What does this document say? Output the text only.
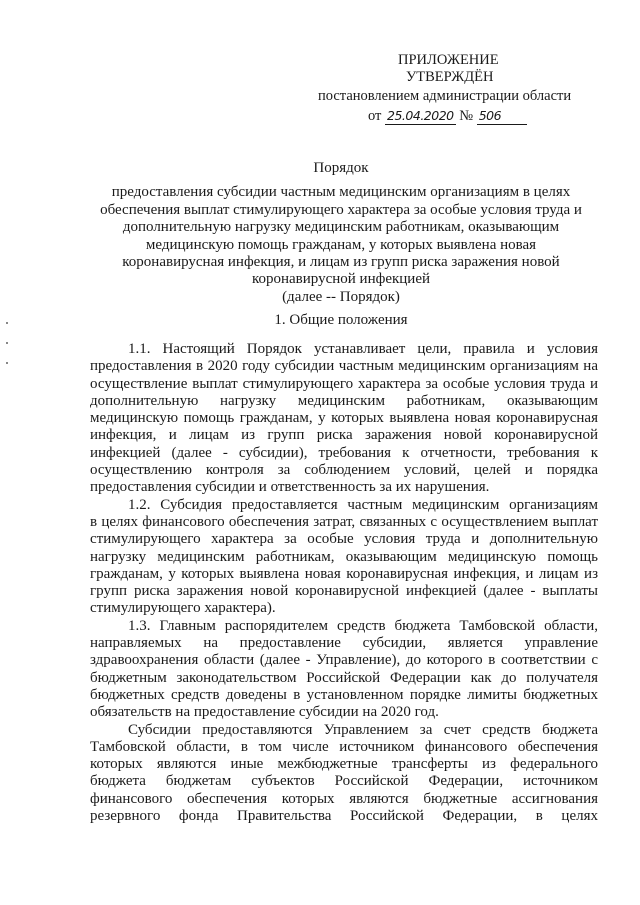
ПРИЛОЖЕНИЕ
УТВЕРЖДЁН
постановлением администрации области
от 25.04.2020 № 506
Порядок
предоставления субсидии частным медицинским организациям в целях
обеспечения выплат стимулирующего характера за особые условия труда и
дополнительную нагрузку медицинским работникам, оказывающим
медицинскую помощь гражданам, у которых выявлена новая
коронавирусная инфекция, и лицам из групп риска заражения новой
коронавирусной инфекцией
(далее -- Порядок)
1. Общие положения
1.1. Настоящий Порядок устанавливает цели, правила и условия
предоставления в 2020 году субсидии частным медицинским организациям на
осуществление выплат стимулирующего характера за особые условия труда и
дополнительную нагрузку медицинским работникам, оказывающим
медицинскую помощь гражданам, у которых выявлена новая коронавирусная
инфекция, и лицам из групп риска заражения новой коронавирусной
инфекцией (далее - субсидии), требования к отчетности, требования к
осуществлению контроля за соблюдением условий, целей и порядка
предоставления субсидии и ответственность за их нарушения.
1.2. Субсидия предоставляется частным медицинским организациям
в целях финансового обеспечения затрат, связанных с осуществлением выплат
стимулирующего характера за особые условия труда и дополнительную
нагрузку медицинским работникам, оказывающим медицинскую помощь
гражданам, у которых выявлена новая коронавирусная инфекция, и лицам из
групп риска заражения новой коронавирусной инфекцией (далее - выплаты
стимулирующего характера).
1.3. Главным распорядителем средств бюджета Тамбовской области,
направляемых на предоставление субсидии, является управление
здравоохранения области (далее - Управление), до которого в соответствии с
бюджетным законодательством Российской Федерации как до получателя
бюджетных средств доведены в установленном порядке лимиты бюджетных
обязательств на предоставление субсидии на 2020 год.
Субсидии предоставляются Управлением за счет средств бюджета
Тамбовской области, в том числе источником финансового обеспечения
которых являются иные межбюджетные трансферты из федерального
бюджета бюджетам субъектов Российской Федерации, источником
финансового обеспечения которых являются бюджетные ассигнования
резервного фонда Правительства Российской Федерации, в целях
